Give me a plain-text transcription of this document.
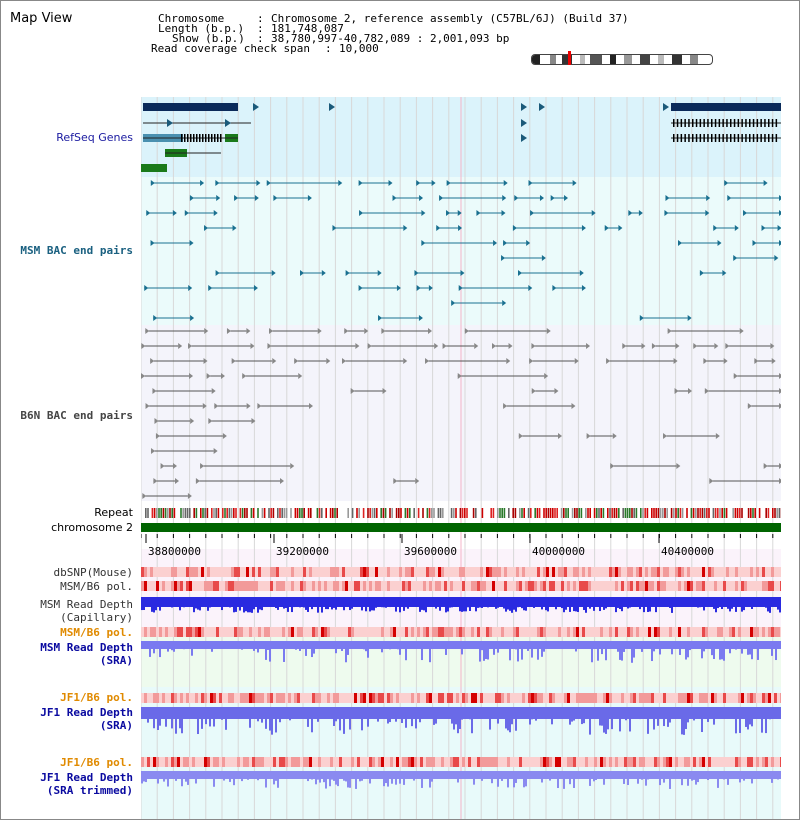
Map View	Chromosome	: Chromosome 2, reference assembly (C57BL/6J) (Build 37)
Length (b.p.) : 181,748,087
Show (b.p.) : 38,780,997-40,782,089 : 2,001,093 bp
Read coverage check span : 10,000
RefSeq Genes
MSM BAC end pairs
B6N BAC end pairs
Repeat
chromosome 2
dbSNP(Mouse)
MSM/B6 pol.
MSM Read Depth
(Capillary)
MSM/B6 pol.
MSM Read Depth
(SRA)
JF1/B6 pol.
JF1 Read Depth
(SRA)
JF1/B6 pol.
JF1 Read Depth
(SRA trimmed)
38800000	39200000	39600000	40000000	40400000
